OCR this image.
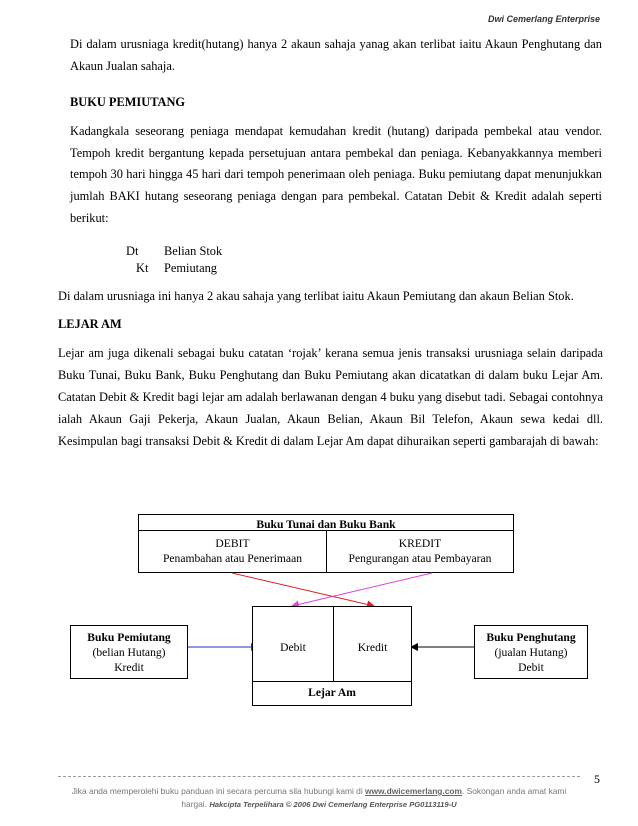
Dwi Cemerlang Enterprise
Di dalam urusniaga kredit(hutang) hanya 2 akaun sahaja yanag akan terlibat iaitu Akaun Penghutang dan Akaun Jualan sahaja.
BUKU PEMIUTANG
Kadangkala seseorang peniaga mendapat kemudahan kredit (hutang) daripada pembekal atau vendor. Tempoh kredit bergantung kepada persetujuan antara pembekal dan peniaga. Kebanyakkannya memberi tempoh 30 hari hingga 45 hari dari tempoh penerimaan oleh peniaga. Buku pemiutang dapat menunjukkan jumlah BAKI hutang seseorang peniaga dengan para pembekal. Catatan Debit & Kredit adalah seperti berikut:
Dt Belian Stok
Kt Pemiutang
Di dalam urusniaga ini hanya 2 akau sahaja yang terlibat iaitu Akaun Pemiutang dan akaun Belian Stok.
LEJAR AM
Lejar am juga dikenali sebagai buku catatan ‘rojak’ kerana semua jenis transaksi urusniaga selain daripada Buku Tunai, Buku Bank, Buku Penghutang dan Buku Pemiutang akan dicatatkan di dalam buku Lejar Am. Catatan Debit & Kredit bagi lejar am adalah berlawanan dengan 4 buku yang disebut tadi. Sebagai contohnya ialah Akaun Gaji Pekerja, Akaun Jualan, Akaun Belian, Akaun Bil Telefon, Akaun sewa kedai dll. Kesimpulan bagi transaksi Debit & Kredit di dalam Lejar Am dapat dihuraikan seperti gambarajah di bawah:
Buku Tunai dan Buku Bank
DEBIT
Penambahan atau Penerimaan
KREDIT
Pengurangan atau Pembayaran
Buku Pemiutang
(belian Hutang)
Kredit
Debit	Kredit
Lejar Am
Buku Penghutang
(jualan Hutang)
Debit
5
Jika anda memperolehi buku panduan ini secara percuma sila hubungi kami di www.dwicemerlang.com. Sokongan anda amat kami hargai. Hakcipta Terpelihara © 2006 Dwi Cemerlang Enterprise PG0113119-U
